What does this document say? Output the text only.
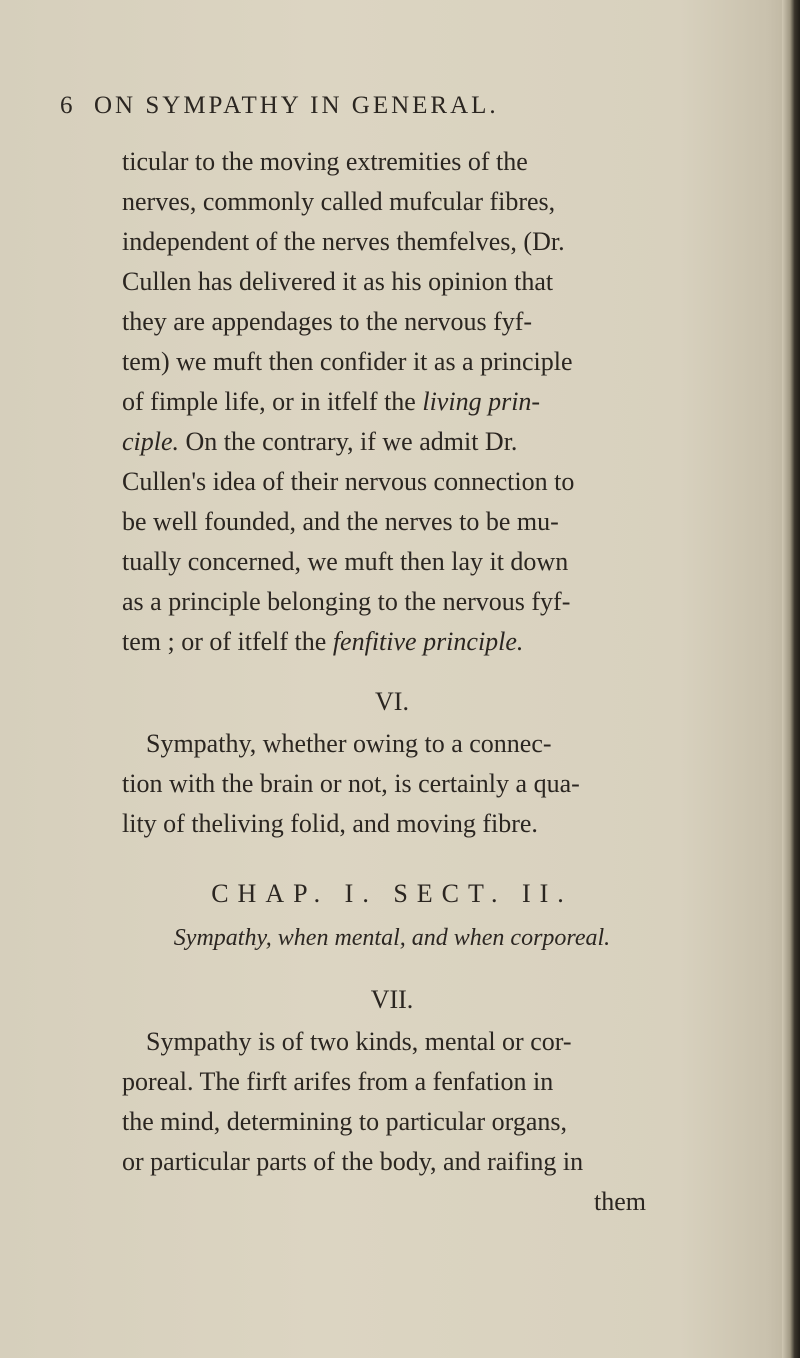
6 ON SYMPATHY IN GENERAL.
ticular to the moving extremities of the
nerves, commonly called mufcular fibres,
independent of the nerves themfelves, (Dr.
Cullen has delivered it as his opinion that
they are appendages to the nervous fyf-
tem) we muft then confider it as a principle
of fimple life, or in itfelf the living prin-
ciple. On the contrary, if we admit Dr.
Cullen's idea of their nervous connection to
be well founded, and the nerves to be mu-
tually concerned, we muft then lay it down
as a principle belonging to the nervous fyf-
tem ; or of itfelf the fenfitive principle.
VI.
Sympathy, whether owing to a connec-
tion with the brain or not, is certainly a qua-
lity of theliving folid, and moving fibre.
CHAP. I. SECT. II.
Sympathy, when mental, and when corporeal.
VII.
Sympathy is of two kinds, mental or cor-
poreal. The firft arifes from a fenfation in
the mind, determining to particular organs,
or particular parts of the body, and raifing in
them
